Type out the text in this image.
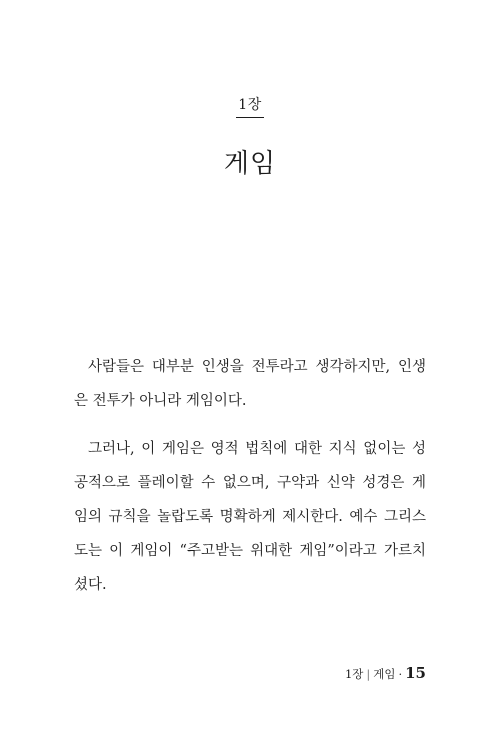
1장
게임
사람들은 대부분 인생을 전투라고 생각하지만, 인생
은 전투가 아니라 게임이다.
그러나, 이 게임은 영적 법칙에 대한 지식 없이는 성
공적으로 플레이할 수 없으며, 구약과 신약 성경은 게
임의 규칙을 놀랍도록 명확하게 제시한다. 예수 그리스
도는 이 게임이 “주고받는 위대한 게임”이라고 가르치
셨다.
1장 | 게임 · 15
